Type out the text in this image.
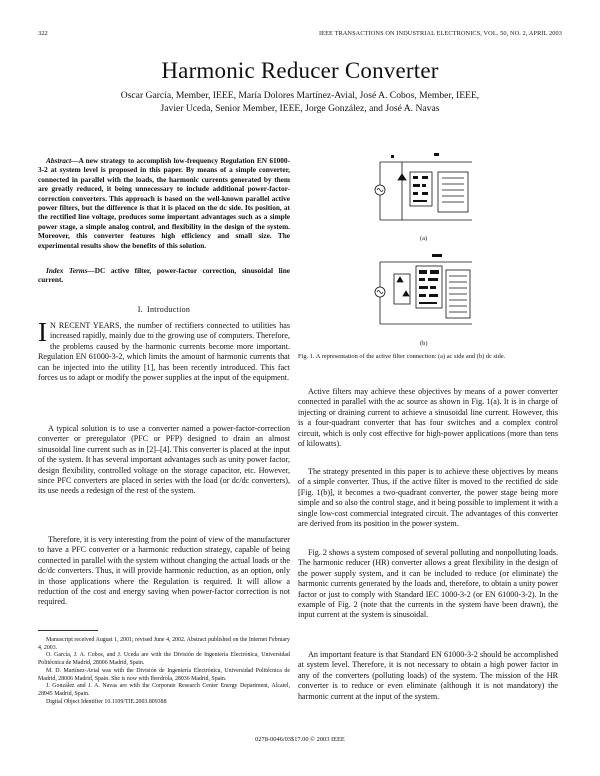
322	IEEE TRANSACTIONS ON INDUSTRIAL ELECTRONICS, VOL. 50, NO. 2, APRIL 2003
Harmonic Reducer Converter
Oscar García, Member, IEEE, María Dolores Martínez-Avial, José A. Cobos, Member, IEEE,
Javier Uceda, Senior Member, IEEE, Jorge González, and José A. Navas
Abstract—A new strategy to accomplish low-frequency Regulation EN 61000-3-2 at system level is proposed in this paper. By means of a simple converter, connected in parallel with the loads, the harmonic currents generated by them are greatly reduced, it being unnecessary to include additional power-factor-correction converters. This approach is based on the well-known parallel active power filters, but the difference is that it is placed on the dc side. Its position, at the rectified line voltage, produces some important advantages such as a simple power stage, a simple analog control, and flexibility in the design of the system. Moreover, this converter features high efficiency and small size. The experimental results show the benefits of this solution.
Index Terms—DC active filter, power-factor correction, sinusoidal line current.
I. Introduction
I N RECENT YEARS, the number of rectifiers connected to utilities has increased rapidly, mainly due to the growing use of computers. Therefore, the problems caused by the harmonic currents become more important. Regulation EN 61000-3-2, which limits the amount of harmonic currents that can be injected into the utility [1], has been recently introduced. This fact forces us to adapt or modify the power supplies at the input of the equipment.

A typical solution is to use a converter named a power-factor-correction converter or preregulator (PFC or PFP) designed to drain an almost sinusoidal line current such as in [2]–[4]. This converter is placed at the input of the system. It has several important advantages such as unity power factor, design flexibility, controlled voltage on the storage capacitor, etc. However, since PFC converters are placed in series with the load (or dc/dc converters), its use needs a redesign of the rest of the system.

Therefore, it is very interesting from the point of view of the manufacturer to have a PFC converter or a harmonic reduction strategy, capable of being connected in parallel with the system without changing the actual loads or the dc/dc converters. Thus, it will provide harmonic reduction, as an option, only in those applications where the Regulation is required. It will allow a reduction of the cost and energy saving when power-factor correction is not required.

Manuscript received August 1, 2001; revised June 4, 2002. Abstract published on the Internet February 4, 2003.

O. García, J. A. Cobos, and J. Uceda are with the División de Ingeniería Electrónica, Universidad Politécnica de Madrid, 28006 Madrid, Spain.

M. D. Martínez-Avial was with the División de Ingeniería Electrónica, Universidad Politécnica de Madrid, 28006 Madrid, Spain. She is now with Iberdrola, 28036 Madrid, Spain.

J. González and J. A. Navas are with the Corporate Research Center Energy Department, Alcatel, 28045 Madrid, Spain.

Digital Object Identifier 10.1109/TIE.2003.809388

(a)
(b)

Fig. 1. A representation of the active filter connection: (a) ac side and (b) dc side.

Active filters may achieve these objectives by means of a power converter connected in parallel with the ac source as shown in Fig. 1(a). It is in charge of injecting or draining current to achieve a sinusoidal line current. However, this is a four-quadrant converter that has four switches and a complex control circuit, which is only cost effective for high-power applications (more than tens of kilowatts).

The strategy presented in this paper is to achieve these objectives by means of a simple converter. Thus, if the active filter is moved to the rectified dc side [Fig. 1(b)], it becomes a two-quadrant converter, the power stage being more simple and so also the control stage, and it being possible to implement it with a single low-cost commercial integrated circuit. The advantages of this converter are derived from its position in the power system.

Fig. 2 shows a system composed of several polluting and nonpolluting loads. The harmonic reducer (HR) converter allows a great flexibility in the design of the power supply system, and it can be included to reduce (or eliminate) the harmonic currents generated by the loads and, therefore, to obtain a unity power factor or just to comply with Standard IEC 1000-3-2 (or EN 61000-3-2). In the example of Fig. 2 (note that the currents in the system have been drawn), the input current at the system is sinusoidal.

An important feature is that Standard EN 61000-3-2 should be accomplished at system level. Therefore, it is not necessary to obtain a high power factor in any of the converters (polluting loads) of the system. The mission of the HR converter is to reduce or even eliminate (although it is not mandatory) the harmonic current at the input of the system.

0278-0046/03$17.00 © 2003 IEEE
